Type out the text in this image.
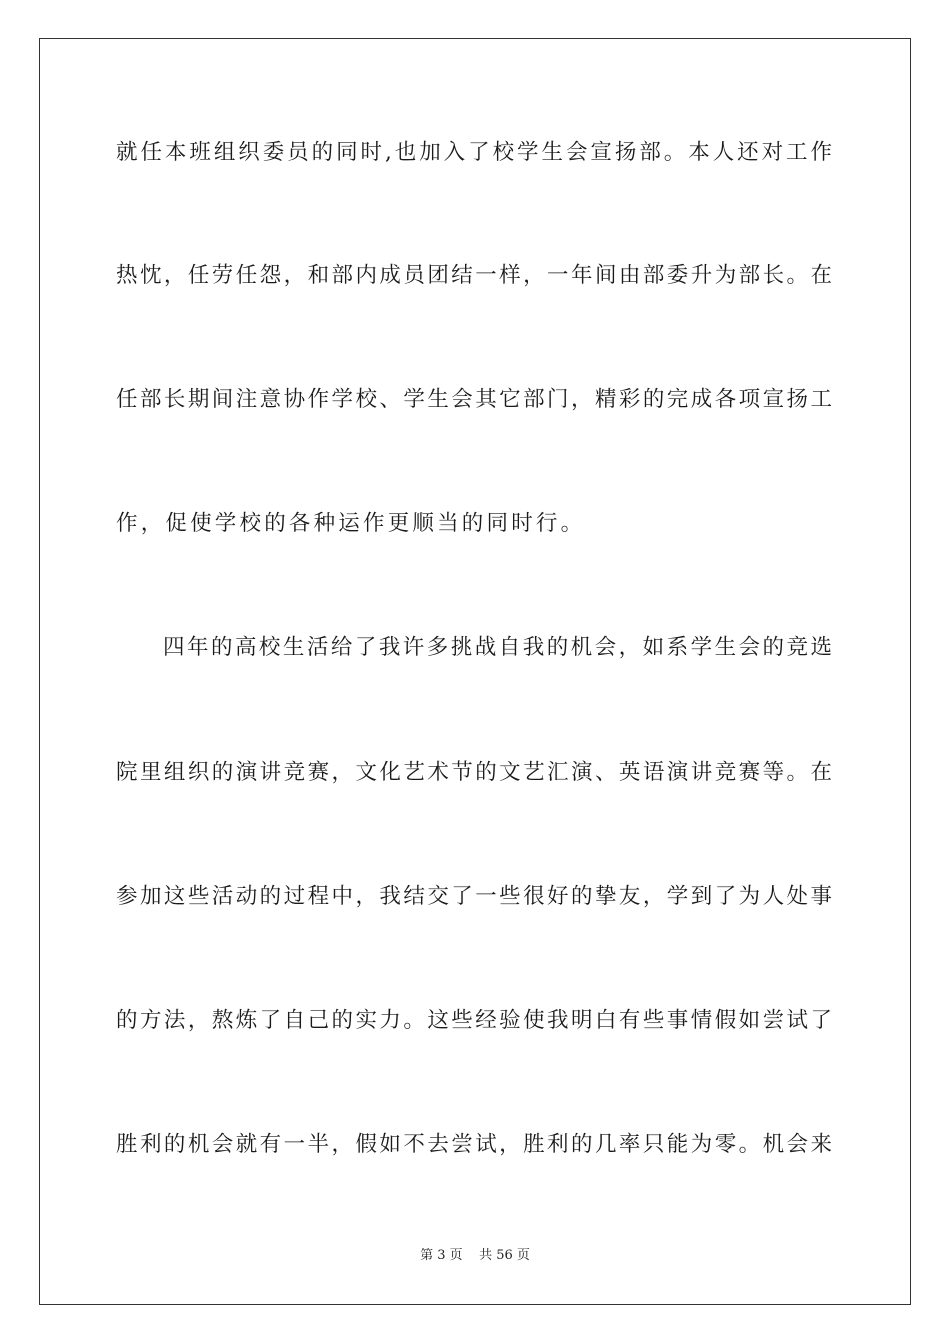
就任本班组织委员的同时,也加入了校学生会宣扬部。本人还对工作
热忱，任劳任怨，和部内成员团结一样，一年间由部委升为部长。在
任部长期间注意协作学校、学生会其它部门，精彩的完成各项宣扬工
作，促使学校的各种运作更顺当的同时行。
四年的高校生活给了我许多挑战自我的机会，如系学生会的竞选
院里组织的演讲竞赛，文化艺术节的文艺汇演、英语演讲竞赛等。在
参加这些活动的过程中，我结交了一些很好的挚友，学到了为人处事
的方法，熬炼了自己的实力。这些经验使我明白有些事情假如尝试了
胜利的机会就有一半，假如不去尝试，胜利的几率只能为零。机会来
第 3 页    共 56 页
